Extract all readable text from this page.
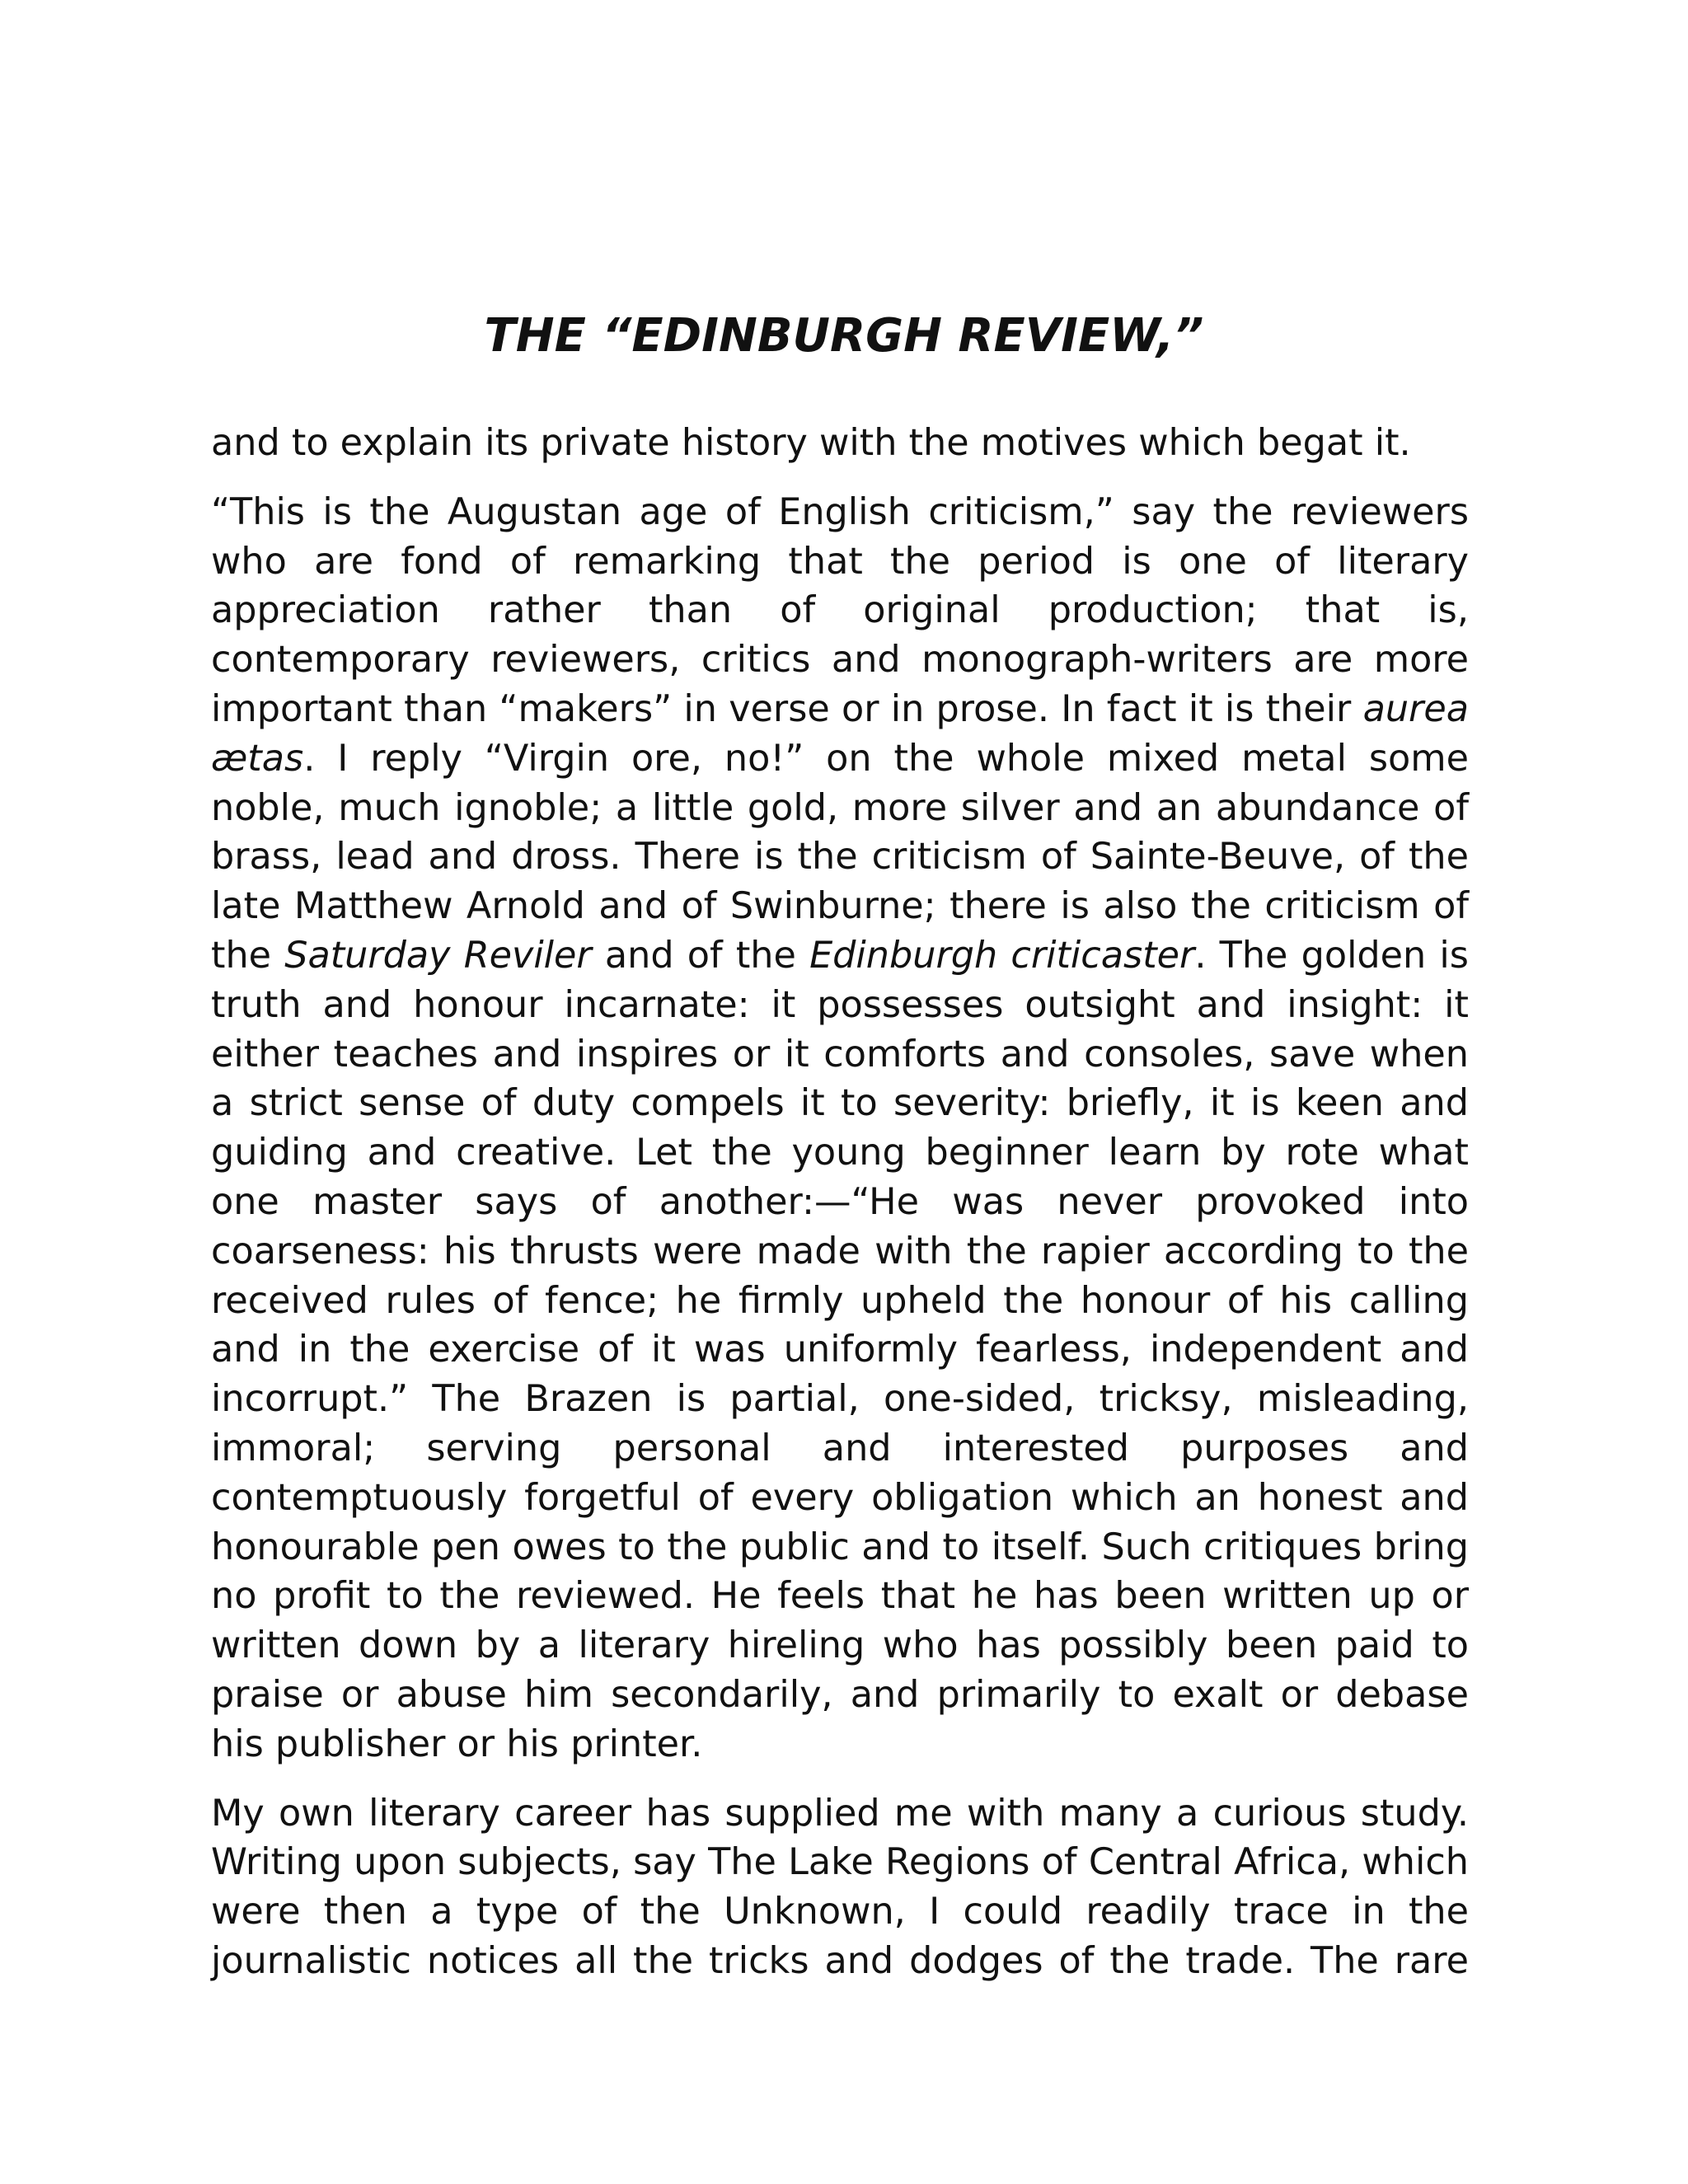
THE “EDINBURGH REVIEW,”

and to explain its private history with the motives which begat it.

“This is the Augustan age of English criticism,” say the reviewers who are fond of remarking that the period is one of literary appreciation rather than of original production; that is, contemporary reviewers, critics and monograph-writers are more important than “makers” in verse or in prose. In fact it is their aurea ætas. I reply “Virgin ore, no!” on the whole mixed metal some noble, much ignoble; a little gold, more silver and an abundance of brass, lead and dross. There is the criticism of Sainte-Beuve, of the late Matthew Arnold and of Swinburne; there is also the criticism of the Saturday Reviler and of the Edinburgh criticaster. The golden is truth and honour incarnate: it possesses outsight and insight: it either teaches and inspires or it comforts and consoles, save when a strict sense of duty compels it to severity: briefly, it is keen and guiding and creative. Let the young beginner learn by rote what one master says of another:—“He was never provoked into coarseness: his thrusts were made with the rapier according to the received rules of fence; he firmly upheld the honour of his calling and in the exercise of it was uniformly fearless, independent and incorrupt.” The Brazen is partial, one-sided, tricksy, misleading, immoral; serving personal and interested purposes and contemptuously forgetful of every obligation which an honest and honourable pen owes to the public and to itself. Such critiques bring no profit to the reviewed. He feels that he has been written up or written down by a literary hireling who has possibly been paid to praise or abuse him secondarily, and primarily to exalt or debase his publisher or his printer.

My own literary career has supplied me with many a curious study. Writing upon subjects, say The Lake Regions of Central Africa, which were then a type of the Unknown, I could readily trace in the journalistic notices all the tricks and dodges of the trade. The rare
